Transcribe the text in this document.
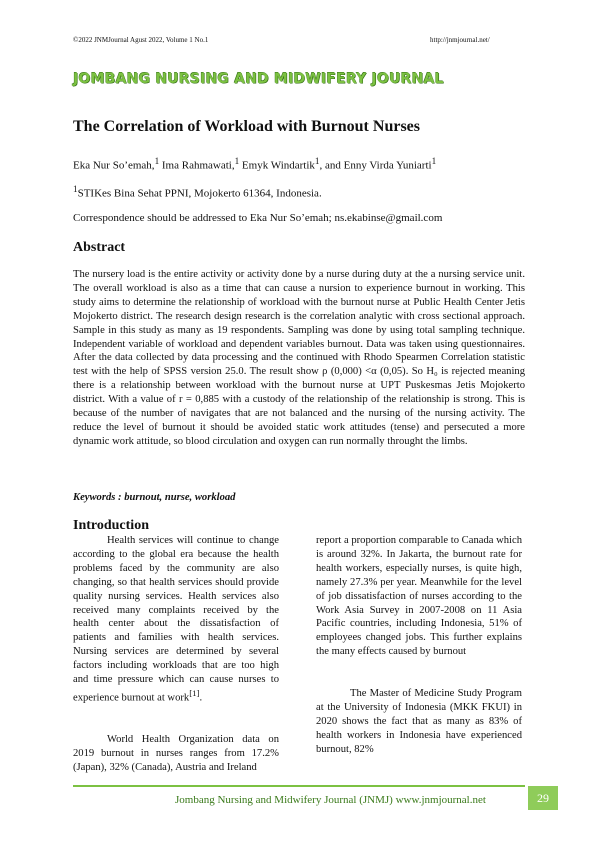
©2022 JNMJournal Agust 2022, Volume 1 No.1	http://jnmjournal.net/
JOMBANG NURSING AND MIDWIFERY JOURNAL
The Correlation of Workload with Burnout Nurses
Eka Nur So’emah,$^1$ Ima Rahmawati,$^1$ Emyk Windartik$^1$, and Enny Virda Yuniarti$^1$
$^1$STIKes Bina Sehat PPNI, Mojokerto 61364, Indonesia.
Correspondence should be addressed to Eka Nur So’emah; ns.ekabinse@gmail.com
Abstract
The nursery load is the entire activity or activity done by a nurse during duty at the a nursing service unit. The overall workload is also as a time that can cause a nursion to experience burnout in working. This study aims to determine the relationship of workload with the burnout nurse at Public Health Center Jetis Mojokerto district. The research design research is the correlation analytic with cross sectional approach. Sample in this study as many as 19 respondents. Sampling was done by using total sampling technique. Independent variable of workload and dependent variables burnout. Data was taken using questionnaires. After the data collected by data processing and the continued with Rhodo Spearmen Correlation statistic test with the help of SPSS version 25.0. The result show ρ (0,000) <α (0,05). So H₀ is rejected meaning there is a relationship between workload with the burnout nurse at UPT Puskesmas Jetis Mojokerto district. With a value of r = 0,885 with a custody of the relationship of the relationship is strong. This is because of the number of navigates that are not balanced and the nursing of the nursing activity. The reduce the level of burnout it should be avoided static work attitudes (tense) and persecuted a more dynamic work attitude, so blood circulation and oxygen can run normally throught the limbs.
Keywords : burnout, nurse, workload
Introduction

Health services will continue to change according to the global era because the health problems faced by the community are also changing, so that health services should provide quality nursing services. Health services also received many complaints received by the health center about the dissatisfaction of patients and families with health services. Nursing services are determined by several factors including workloads that are too high and time pressure which can cause nurses to experience burnout at work[1].

World Health Organization data on 2019 burnout in nurses ranges from 17.2% (Japan), 32% (Canada), Austria and Ireland

report a proportion comparable to Canada which is around 32%. In Jakarta, the burnout rate for health workers, especially nurses, is quite high, namely 27.3% per year. Meanwhile for the level of job dissatisfaction of nurses according to the Work Asia Survey in 2007-2008 on 11 Asia Pacific countries, including Indonesia, 51% of employees changed jobs. This further explains the many effects caused by burnout

The Master of Medicine Study Program at the University of Indonesia (MKK FKUI) in 2020 shows the fact that as many as 83% of health workers in Indonesia have experienced burnout, 82%

Jombang Nursing and Midwifery Journal (JNMJ) www.jnmjournal.net	29
